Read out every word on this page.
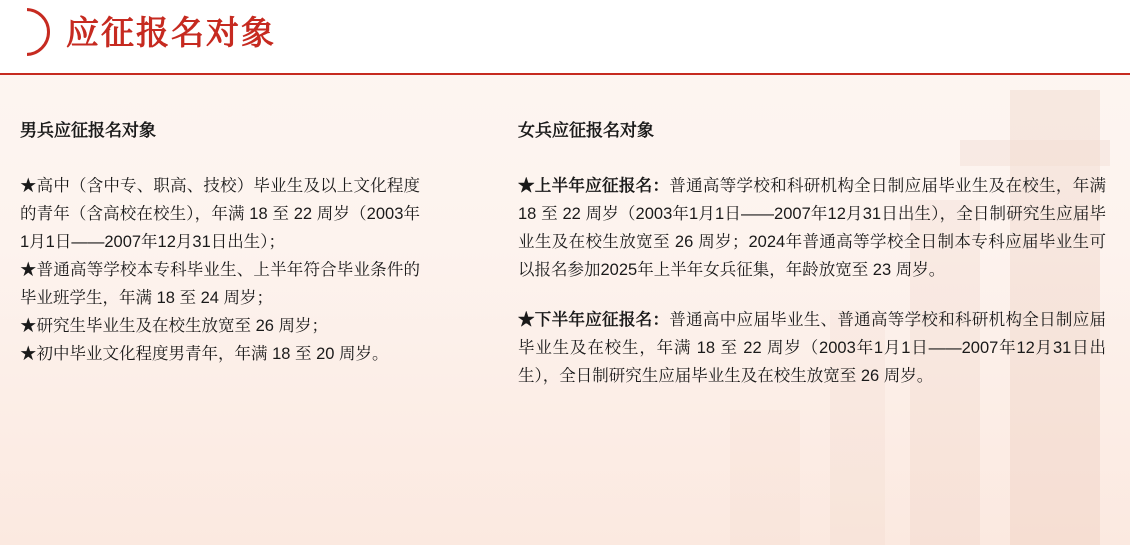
应征报名对象
男兵应征报名对象

★高中（含中专、职高、技校）毕业生及以上文化程度的青年（含高校在校生），年满 18 至 22 周岁（2003年1月1日——2007年12月31日出生）；

★普通高等学校本专科毕业生、上半年符合毕业条件的毕业班学生，年满 18 至 24 周岁；

★研究生毕业生及在校生放宽至 26 周岁；

★初中毕业文化程度男青年，年满 18 至 20 周岁。

女兵应征报名对象

★上半年应征报名：普通高等学校和科研机构全日制应届毕业生及在校生，年满 18 至 22 周岁（2003年1月1日——2007年12月31日出生），全日制研究生应届毕业生及在校生放宽至 26 周岁；2024年普通高等学校全日制本专科应届毕业生可以报名参加2025年上半年女兵征集，年龄放宽至 23 周岁。

★下半年应征报名：普通高中应届毕业生、普通高等学校和科研机构全日制应届毕业生及在校生，年满 18 至 22 周岁（2003年1月1日——2007年12月31日出生），全日制研究生应届毕业生及在校生放宽至 26 周岁。
